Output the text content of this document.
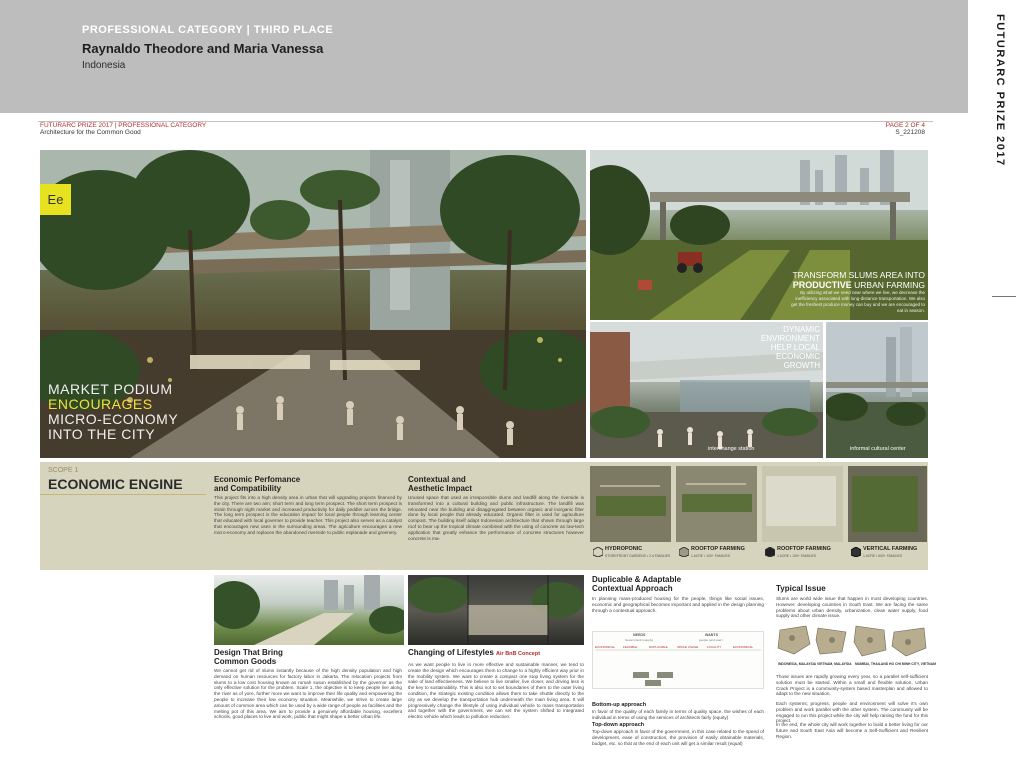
PROFESSIONAL CATEGORY | THIRD PLACE
Raynaldo Theodore and Maria Vanessa
Indonesia	FUTURARC PRIZE 2017
FUTURARC PRIZE 2017 | PROFESSIONAL CATEGORY
Architecture for the Common Good
PAGE 2 OF 4
S_221208
Ee
MARKET PODIUM
ENCOURAGES
MICRO-ECONOMY
INTO THE CITY
TRANSFORM SLUMS AREA INTO
PRODUCTIVE URBAN FARMING
By utilizing what we need near where we live, we decrease the inefficiency associated with long-distance transportation. We also get the freshest produce money can buy and we are encouraged to eat in season.
DYNAMIC
ENVIRONMENT
HELP LOCAL
ECONOMIC GROWTH
interchange station	informal cultural center
SCOPE 1
ECONOMIC ENGINE	Economic Perfomance
and Compatibility
This project fits into a high density area in urban that will upgrading projects financed by the city. There are two aim; short term and long term prospect. The short term prospect is strain through night market and increased productivity for daily peddler across the bridge. The long term prospect is the education impact for local people through learning center that educated with local governer to provide teacher. This project also serves as a catalyst that encourages new uses in the surrounding areas. The agriculture encourages a new micro-economy and replaces the abandoned riverside to public esplanade and greenery.
Contextual and
Aesthetic Impact
Unused space that used as irresponsible slums and landfill along the riverside is transformed into a cultural building and public infrastructure. The landfill was relocated near the building and disaggregated between organic and inorganic filter done by local people that already educated. Organic filter is used for agriculture compost. The building itself adapt Indonesian architecture that shown through large roof to bear up the tropical climate combined with the using of concrete as low-tech application that greatly enhance the performance of concrete structures however concrete is ma-
HYDROPONIC
STOREFRONT GARDENS • 2-4 FAMILIES
ROOFTOP FARMING
1 ACRE • 100+ FAMILIES
ROOFTOP FARMING
1 ACRE • 100+ FAMILIES
VERTICAL FARMING
1 ACRE • 500+ FAMILIES
Design That Bring
Common Goods
We cannot get rid of slums instantly because of the high density population and high demand on human resources for factory labor in Jakarta. The relocation projects from slums to a low cost housing known as rumah susun established by the governor as the only effective solution for the problem. Scale 1, the objective is to keep people live along the river as of yore, further more we want to improve their life quality and empowering the people to increase their low economy situation. Meanwhile, we strive to create large amount of common area which can be used by a wide range of people as facilities and the melting pot of this area. We aim to provide a genuinely affordable housing, excellent schools, good places to live and work, public that might shape a better urban life.
Changing of Lifestyles Air BnB Concept
As we want people to live in more effective and sustainable manner, we tend to create the design which encourages them to change to a highly efficient way prior in the mobility system. We want to create a compact one stop living system for the sake of land effectiveness. We believe to live smaller, live closer, and driving less is the key to sustainability. This is also not to set boundaries of them to the outer living condition, the strategic existing condition allows them to take shuttle directly to the city as we develop the transportation hub underneath the main living area. It will progressively change the lifestyle of using individual vehicle to mass transportation and together with the government, we can set the system shifted to integrated electric vehicle which leads to pollution reduction.
Duplicable & Adaptable
Contextual Approach
In planning mass-produced housing for the people, things like social issues, economic and geographical becomes important and applied in the design planning through a contextual approach.
NEEDS
Government (supply)
WANTS
people (end user)
ECONOMICAL	FEASIBLE	DUPLICABLE	SPACE USAGE	LOCALITY	ECONOMICAL
Bottom-up approach
In favor of the quality of each family in terms of quality space, the wishes of each individual in terms of using the services of architects fairly (equity)
Top-down approach
Top-down approach in favor of the government, in this case related to the speed of development, ease of construction, the provision of easily obtainable materials, budget, etc. so that at the end of each unit will get a similar result (equal)
Typical Issue
Slums are world wide issue that happen in most developing countries. However, developing countries in South East. We are facing the same problems about urban density, urbanization, clean water supply, food supply and other climate issue.
INDONESIA, MALAYSIA VIETNAM, MALAYSIA MUMBAI, THAILAND HO CHI MINH CITY, VIETNAM
Those issues are rapidly growing every year, so a parallel self-sufficient solution must be started. Within a small and flexible solution, Urban Crack Project is a community-system based masterplan and allowed to adapt to the new situation.
Each systems; progress, people and environment will solve it's own problem and work parallel with the other system. The community will be engaged to run this project while the city will help raising the fund for this project.
In the end, the whole city will work together to build a better living for our future and South East Asia will become a Self-Sufficient and Resilient Region.
